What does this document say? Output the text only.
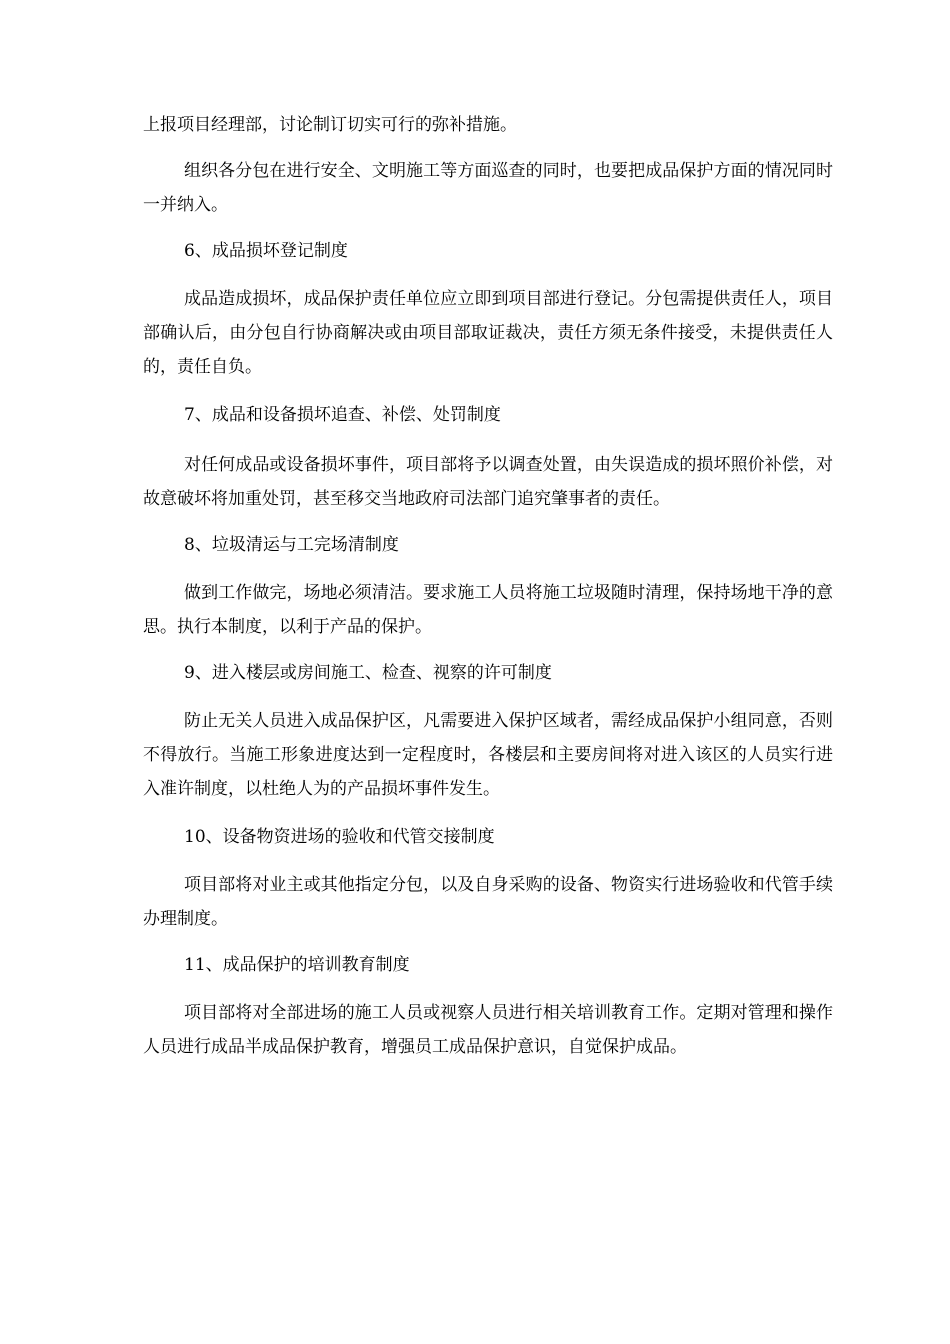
上报项目经理部，讨论制订切实可行的弥补措施。

组织各分包在进行安全、文明施工等方面巡查的同时，也要把成品保护方面的情况同时一并纳入。

6、成品损坏登记制度

成品造成损坏，成品保护责任单位应立即到项目部进行登记。分包需提供责任人，项目部确认后，由分包自行协商解决或由项目部取证裁决，责任方须无条件接受，未提供责任人的，责任自负。

7、成品和设备损坏追查、补偿、处罚制度

对任何成品或设备损坏事件，项目部将予以调查处置，由失误造成的损坏照价补偿，对故意破坏将加重处罚，甚至移交当地政府司法部门追究肇事者的责任。

8、垃圾清运与工完场清制度

做到工作做完，场地必须清洁。要求施工人员将施工垃圾随时清理，保持场地干净的意思。执行本制度，以利于产品的保护。

9、进入楼层或房间施工、检查、视察的许可制度

防止无关人员进入成品保护区，凡需要进入保护区域者，需经成品保护小组同意，否则不得放行。当施工形象进度达到一定程度时，各楼层和主要房间将对进入该区的人员实行进入准许制度，以杜绝人为的产品损坏事件发生。

10、设备物资进场的验收和代管交接制度

项目部将对业主或其他指定分包，以及自身采购的设备、物资实行进场验收和代管手续办理制度。

11、成品保护的培训教育制度

项目部将对全部进场的施工人员或视察人员进行相关培训教育工作。定期对管理和操作人员进行成品半成品保护教育，增强员工成品保护意识，自觉保护成品。
